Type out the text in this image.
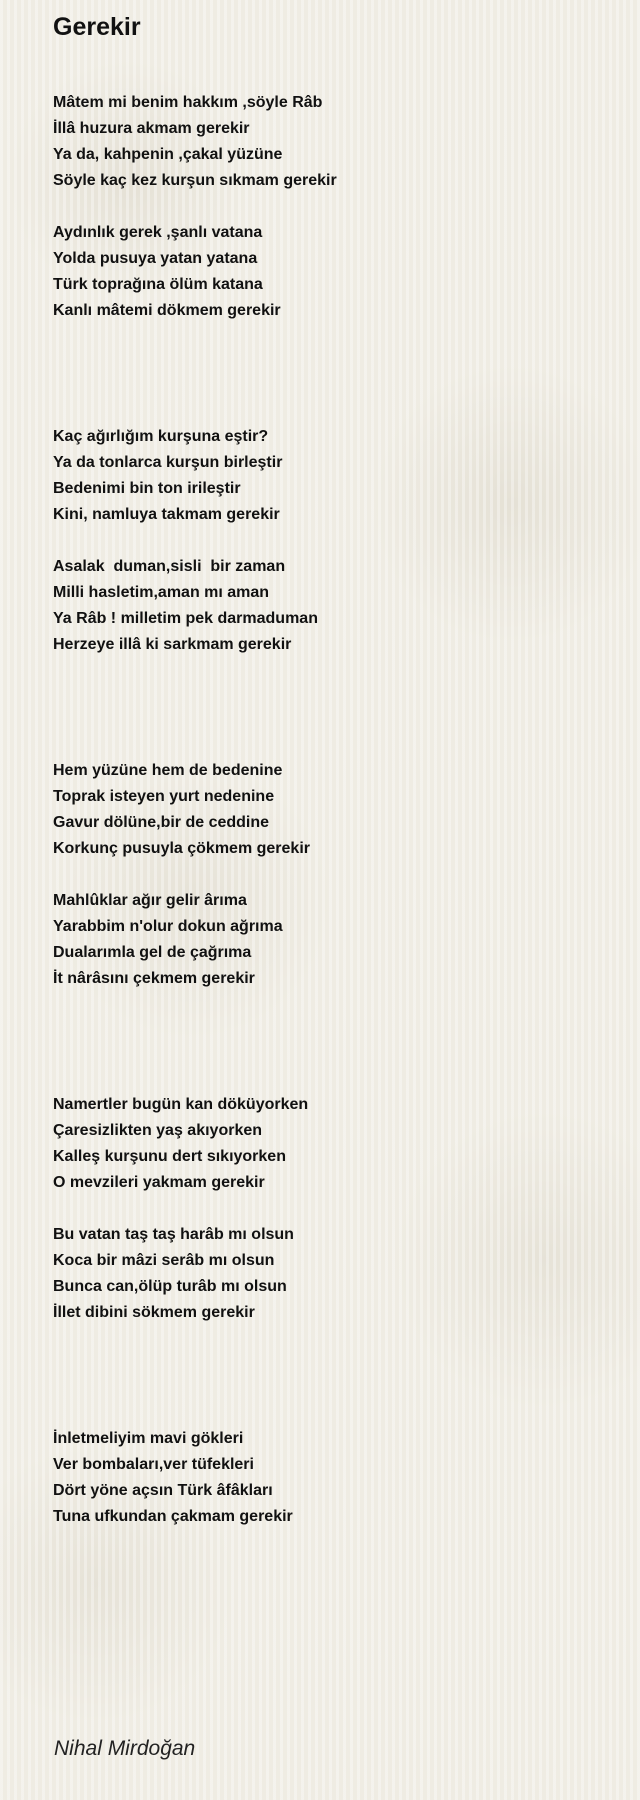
Gerekir
Mâtem mi benim hakkım ,söyle Râb
İllâ huzura akmam gerekir
Ya da, kahpenin ,çakal yüzüne
Söyle kaç kez kurşun sıkmam gerekir
Aydınlık gerek ,şanlı vatana
Yolda pusuya yatan yatana
Türk toprağına ölüm katana
Kanlı mâtemi dökmem gerekir
Kaç ağırlığım kurşuna eştir?
Ya da tonlarca kurşun birleştir
Bedenimi bin ton irileştir
Kini, namluya takmam gerekir
Asalak  duman,sisli  bir zaman
Milli hasletim,aman mı aman
Ya Râb ! milletim pek darmaduman
Herzeye illâ ki sarkmam gerekir
Hem yüzüne hem de bedenine
Toprak isteyen yurt nedenine
Gavur dölüne,bir de ceddine
Korkunç pusuyla çökmem gerekir
Mahlûklar ağır gelir ârıma
Yarabbim n'olur dokun ağrıma
Dualarımla gel de çağrıma
İt nârâsını çekmem gerekir
Namertler bugün kan döküyorken
Çaresizlikten yaş akıyorken
Kalleş kurşunu dert sıkıyorken
O mevzileri yakmam gerekir
Bu vatan taş taş harâb mı olsun
Koca bir mâzi serâb mı olsun
Bunca can,ölüp turâb mı olsun
İllet dibini sökmem gerekir
İnletmeliyim mavi gökleri
Ver bombaları,ver tüfekleri
Dört yöne açsın Türk âfâkları
Tuna ufkundan çakmam gerekir
Nihal Mirdoğan
